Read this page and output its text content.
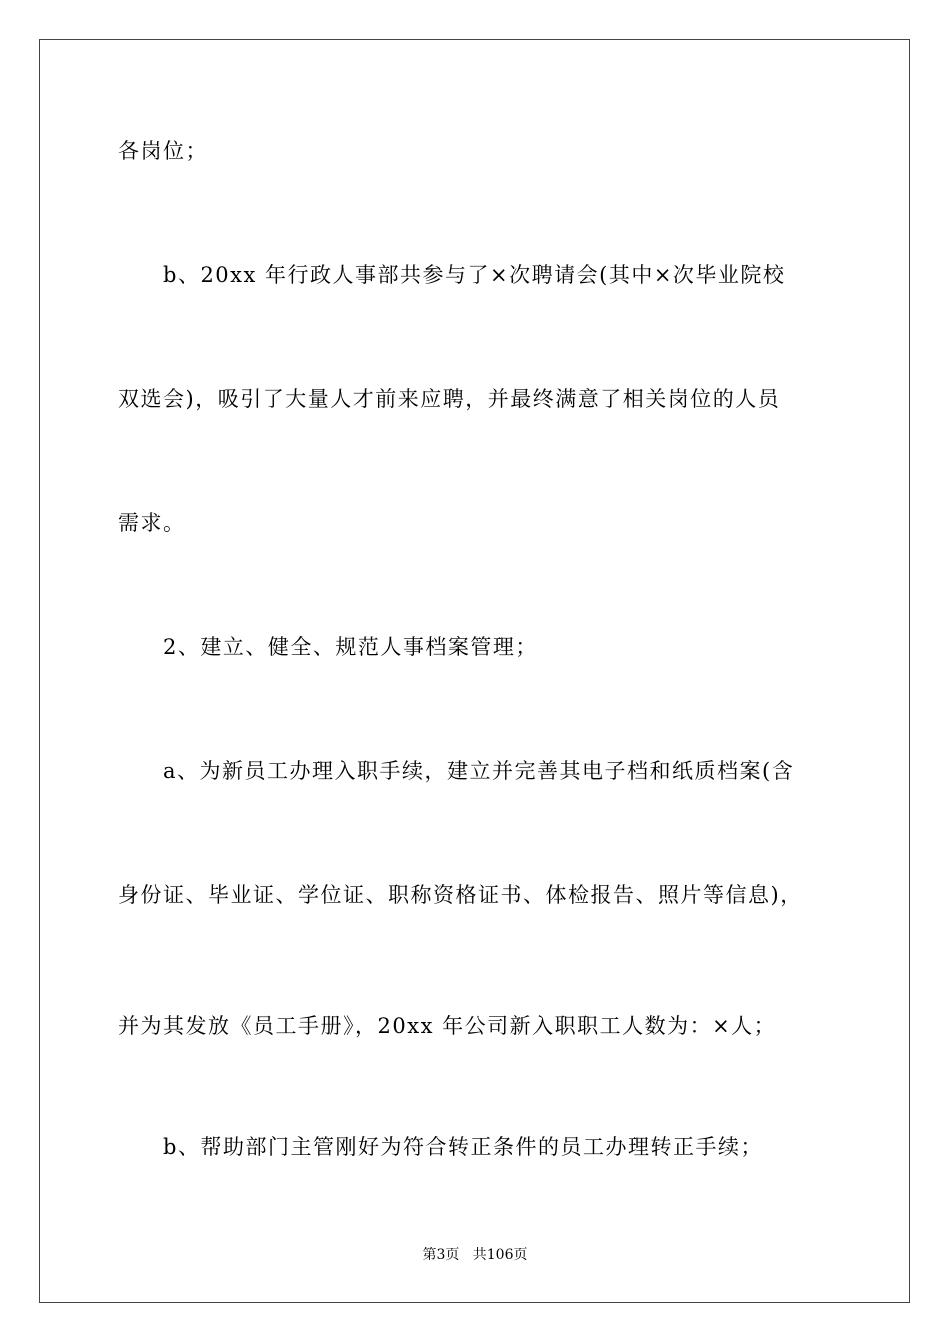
各岗位；
b、20xx 年行政人事部共参与了×次聘请会(其中×次毕业院校
双选会)，吸引了大量人才前来应聘，并最终满意了相关岗位的人员
需求。
2、建立、健全、规范人事档案管理；
a、为新员工办理入职手续，建立并完善其电子档和纸质档案(含
身份证、毕业证、学位证、职称资格证书、体检报告、照片等信息)，
并为其发放《员工手册》，20xx 年公司新入职职工人数为：×人；
b、帮助部门主管刚好为符合转正条件的员工办理转正手续；
第3页   共106页
